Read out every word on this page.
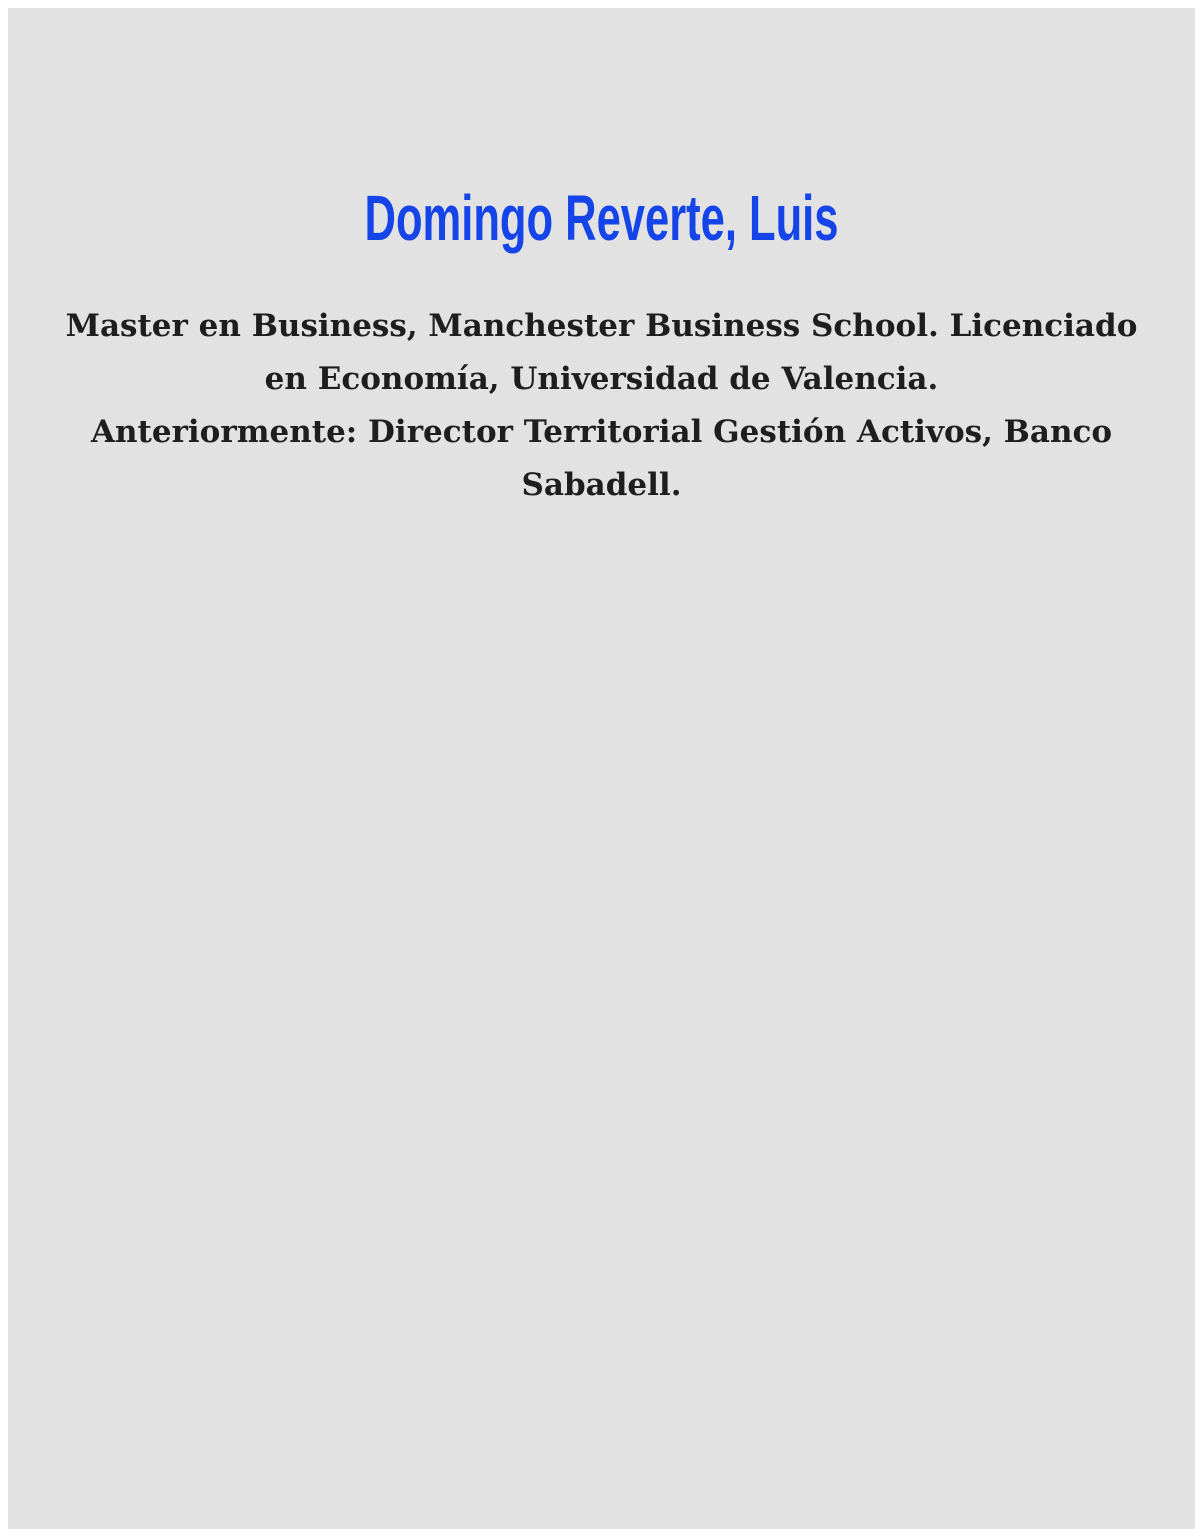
Domingo Reverte, Luis
Master en Business, Manchester Business School. Licenciado
en Economía, Universidad de Valencia.
Anteriormente: Director Territorial Gestión Activos, Banco
Sabadell.
